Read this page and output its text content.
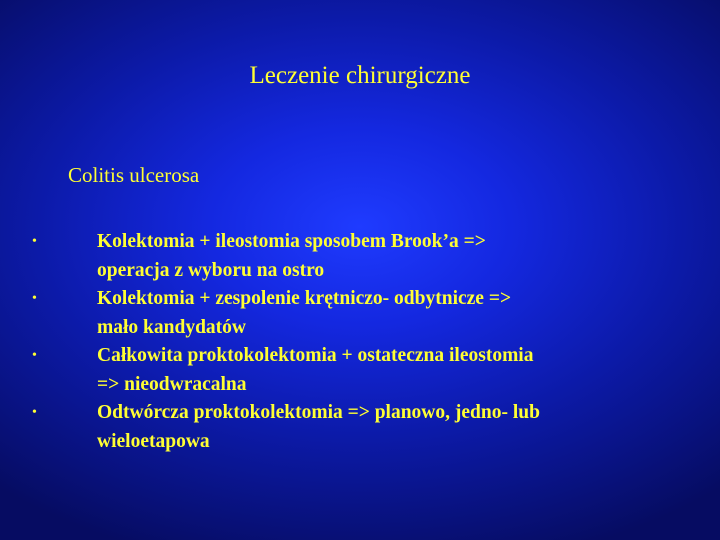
Leczenie chirurgiczne
Colitis ulcerosa
•	Kolektomia + ileostomia sposobem Brook’a =>
operacja z wyboru na ostro
•	Kolektomia + zespolenie krętniczo- odbytnicze =>
mało kandydatów
•	Całkowita proktokolektomia + ostateczna ileostomia
=> nieodwracalna
•	Odtwórcza proktokolektomia => planowo, jedno- lub
wieloetapowa
